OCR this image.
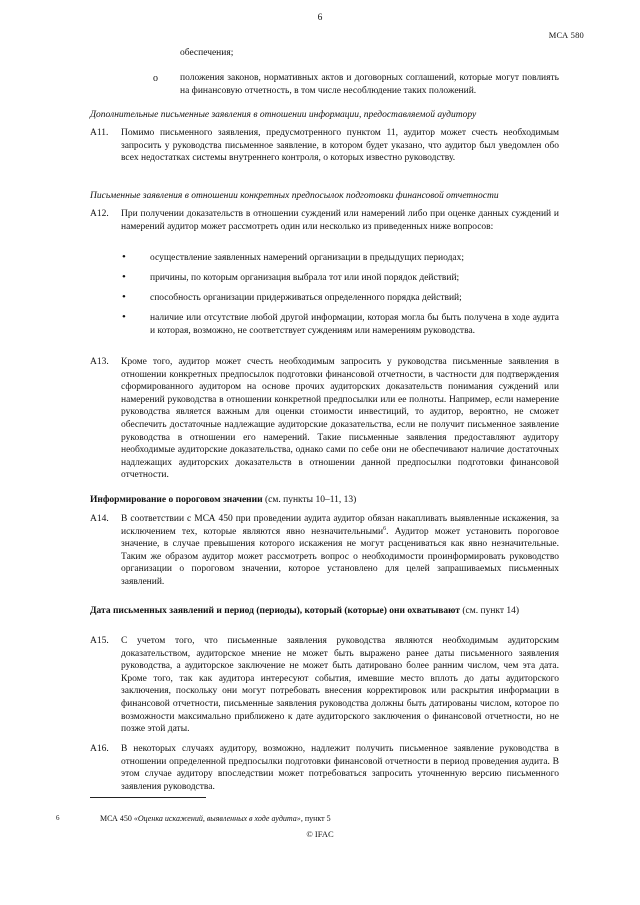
6
МСА 580
обеспечения;
o положения законов, нормативных актов и договорных соглашений, которые могут повлиять на финансовую отчетность, в том числе несоблюдение таких положений.
Дополнительные письменные заявления в отношении информации, предоставляемой аудитору
A11. Помимо письменного заявления, предусмотренного пунктом 11, аудитор может счесть необходимым запросить у руководства письменное заявление, в котором будет указано, что аудитор был уведомлен обо всех недостатках системы внутреннего контроля, о которых известно руководству.
Письменные заявления в отношении конкретных предпосылок подготовки финансовой отчетности
A12. При получении доказательств в отношении суждений или намерений либо при оценке данных суждений и намерений аудитор может рассмотреть один или несколько из приведенных ниже вопросов:
•	осуществление заявленных намерений организации в предыдущих периодах;
•	причины, по которым организация выбрала тот или иной порядок действий;
•	способность организации придерживаться определенного порядка действий;
•	наличие или отсутствие любой другой информации, которая могла бы быть получена в ходе аудита и которая, возможно, не соответствует суждениям или намерениям руководства.
A13. Кроме того, аудитор может счесть необходимым запросить у руководства письменные заявления в отношении конкретных предпосылок подготовки финансовой отчетности, в частности для подтверждения сформированного аудитором на основе прочих аудиторских доказательств понимания суждений или намерений руководства в отношении конкретной предпосылки или ее полноты. Например, если намерение руководства является важным для оценки стоимости инвестиций, то аудитор, вероятно, не сможет обеспечить достаточные надлежащие аудиторские доказательства, если не получит письменное заявление руководства в отношении его намерений. Такие письменные заявления предоставляют аудитору необходимые аудиторские доказательства, однако сами по себе они не обеспечивают наличие достаточных надлежащих аудиторских доказательств в отношении данной предпосылки подготовки финансовой отчетности.
Информирование о пороговом значении (см. пункты 10–11, 13)
A14. В соответствии с МСА 450 при проведении аудита аудитор обязан накапливать выявленные искажения, за исключением тех, которые являются явно незначительными$^6$. Аудитор может установить пороговое значение, в случае превышения которого искажения не могут расцениваться как явно незначительные. Таким же образом аудитор может рассмотреть вопрос о необходимости проинформировать руководство организации о пороговом значении, которое установлено для целей запрашиваемых письменных заявлений.
Дата письменных заявлений и период (периоды), который (которые) они охватывают (см. пункт 14)
A15. С учетом того, что письменные заявления руководства являются необходимым аудиторским доказательством, аудиторское мнение не может быть выражено ранее даты письменного заявления руководства, а аудиторское заключение не может быть датировано более ранним числом, чем эта дата. Кроме того, так как аудитора интересуют события, имевшие место вплоть до даты аудиторского заключения, поскольку они могут потребовать внесения корректировок или раскрытия информации в финансовой отчетности, письменные заявления руководства должны быть датированы числом, которое по возможности максимально приближено к дате аудиторского заключения о финансовой отчетности, но не позже этой даты.
A16. В некоторых случаях аудитору, возможно, надлежит получить письменное заявление руководства в отношении определенной предпосылки подготовки финансовой отчетности в период проведения аудита. В этом случае аудитору впоследствии может потребоваться запросить уточненную версию письменного заявления руководства.
6	МСА 450 «Оценка искажений, выявленных в ходе аудита», пункт 5
© IFAC
